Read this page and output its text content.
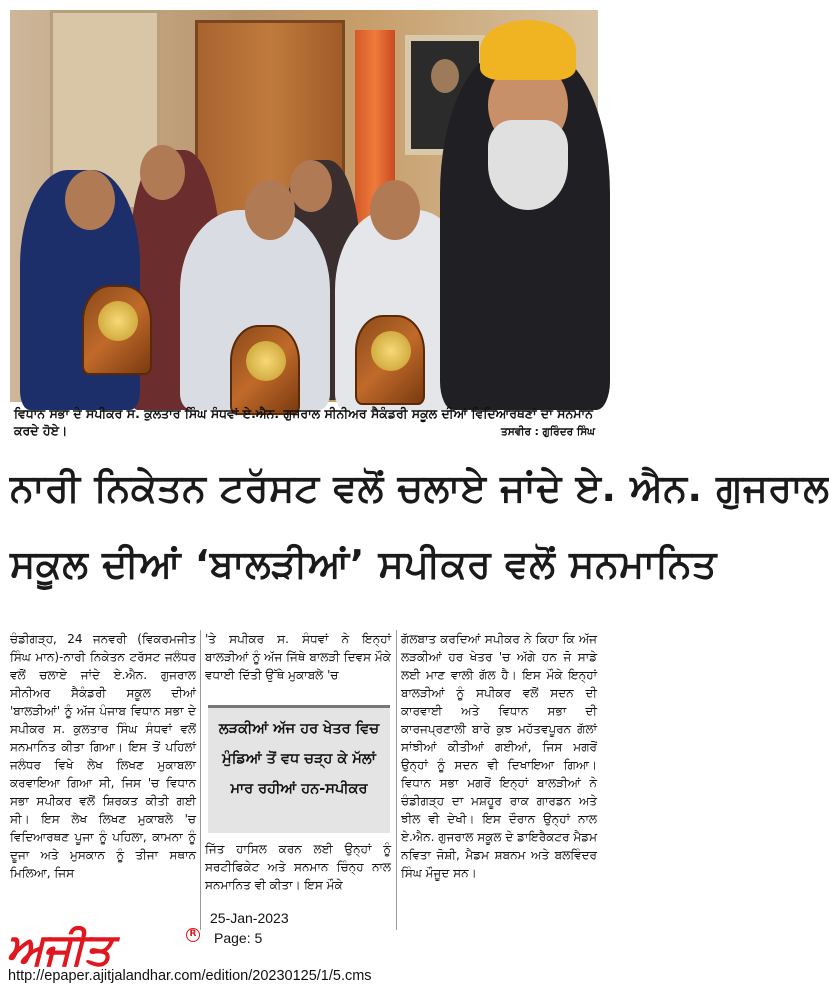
ਵਿਧਾਨ ਸਭਾ ਦੇ ਸਪੀਕਰ ਸ. ਕੁਲਤਾਰ ਸਿੰਘ ਸੰਧਵਾਂ ਏ.ਐਨ. ਗੁਜਰਾਲ ਸੀਨੀਅਰ ਸੈਕੰਡਰੀ ਸਕੂਲ ਦੀਆਂ ਵਿਦਿਆਰਥਣਾਂ ਦਾ ਸਨਮਾਨ ਕਰਦੇ ਹੋਏ।	ਤਸਵੀਰ : ਗੁਰਿੰਦਰ ਸਿੰਘ
ਨਾਰੀ ਨਿਕੇਤਨ ਟਰੱਸਟ ਵਲੋਂ ਚਲਾਏ ਜਾਂਦੇ ਏ. ਐਨ. ਗੁਜਰਾਲ
ਸਕੂਲ ਦੀਆਂ ‘ਬਾਲੜੀਆਂ’ ਸਪੀਕਰ ਵਲੋਂ ਸਨਮਾਨਿਤ
ਚੰਡੀਗੜ੍ਹ, 24 ਜਨਵਰੀ (ਵਿਕਰਮਜੀਤ ਸਿੰਘ ਮਾਨ)-ਨਾਰੀ ਨਿਕੇਤਨ ਟਰੱਸਟ ਜਲੰਧਰ ਵਲੋਂ ਚਲਾਏ ਜਾਂਦੇ ਏ.ਐਨ. ਗੁਜਰਾਲ ਸੀਨੀਅਰ ਸੈਕੰਡਰੀ ਸਕੂਲ ਦੀਆਂ 'ਬਾਲੜੀਆਂ' ਨੂੰ ਅੱਜ ਪੰਜਾਬ ਵਿਧਾਨ ਸਭਾ ਦੇ ਸਪੀਕਰ ਸ. ਕੁਲਤਾਰ ਸਿੰਘ ਸੰਧਵਾਂ ਵਲੋਂ ਸਨਮਾਨਿਤ ਕੀਤਾ ਗਿਆ। ਇਸ ਤੋਂ ਪਹਿਲਾਂ ਜਲੰਧਰ ਵਿਖੇ ਲੇਖ ਲਿਖਣ ਮੁਕਾਬਲਾ ਕਰਵਾਇਆ ਗਿਆ ਸੀ, ਜਿਸ 'ਚ ਵਿਧਾਨ ਸਭਾ ਸਪੀਕਰ ਵਲੋਂ ਸ਼ਿਰਕਤ ਕੀਤੀ ਗਈ ਸੀ। ਇਸ ਲੇਖ ਲਿਖਣ ਮੁਕਾਬਲੇ 'ਚ ਵਿਦਿਆਰਥਣ ਪੂਜਾ ਨੂੰ ਪਹਿਲਾ, ਕਾਮਨਾ ਨੂੰ ਦੂਜਾ ਅਤੇ ਮੁਸਕਾਨ ਨੂੰ ਤੀਜਾ ਸਥਾਨ ਮਿਲਿਆ, ਜਿਸ
'ਤੇ ਸਪੀਕਰ ਸ. ਸੰਧਵਾਂ ਨੇ ਇਨ੍ਹਾਂ ਬਾਲੜੀਆਂ ਨੂੰ ਅੱਜ ਜਿੱਥੇ ਬਾਲੜੀ ਦਿਵਸ ਮੌਕੇ ਵਧਾਈ ਦਿੱਤੀ ਉੱਥੇ ਮੁਕਾਬਲੇ 'ਚ
ਲੜਕੀਆਂ ਅੱਜ ਹਰ ਖੇਤਰ ਵਿਚ ਮੁੰਡਿਆਂ ਤੋਂ ਵਧ ਚੜ੍ਹ ਕੇ ਮੱਲਾਂ ਮਾਰ ਰਹੀਆਂ ਹਨ-ਸਪੀਕਰ
ਜਿੱਤ ਹਾਸਿਲ ਕਰਨ ਲਈ ਉਨ੍ਹਾਂ ਨੂੰ ਸਰਟੀਫਿਕੇਟ ਅਤੇ ਸਨਮਾਨ ਚਿੰਨ੍ਹ ਨਾਲ ਸਨਮਾਨਿਤ ਵੀ ਕੀਤਾ। ਇਸ ਮੌਕੇ
ਗੱਲਬਾਤ ਕਰਦਿਆਂ ਸਪੀਕਰ ਨੇ ਕਿਹਾ ਕਿ ਅੱਜ ਲੜਕੀਆਂ ਹਰ ਖੇਤਰ 'ਚ ਅੱਗੇ ਹਨ ਜੋ ਸਾਡੇ ਲਈ ਮਾਣ ਵਾਲੀ ਗੱਲ ਹੈ। ਇਸ ਮੌਕੇ ਇਨ੍ਹਾਂ ਬਾਲੜੀਆਂ ਨੂੰ ਸਪੀਕਰ ਵਲੋਂ ਸਦਨ ਦੀ ਕਾਰਵਾਈ ਅਤੇ ਵਿਧਾਨ ਸਭਾ ਦੀ ਕਾਰਜਪ੍ਰਣਾਲੀ ਬਾਰੇ ਕੁਝ ਮਹੱਤਵਪੂਰਨ ਗੱਲਾਂ ਸਾਂਝੀਆਂ ਕੀਤੀਆਂ ਗਈਆਂ, ਜਿਸ ਮਗਰੋਂ ਉਨ੍ਹਾਂ ਨੂੰ ਸਦਨ ਵੀ ਦਿਖਾਇਆ ਗਿਆ। ਵਿਧਾਨ ਸਭਾ ਮਗਰੋਂ ਇਨ੍ਹਾਂ ਬਾਲੜੀਆਂ ਨੇ ਚੰਡੀਗੜ੍ਹ ਦਾ ਮਸ਼ਹੂਰ ਰਾਕ ਗਾਰਡਨ ਅਤੇ ਝੀਲ ਵੀ ਦੇਖੀ। ਇਸ ਦੌਰਾਨ ਉਨ੍ਹਾਂ ਨਾਲ ਏ.ਐਨ. ਗੁਜਰਾਲ ਸਕੂਲ ਦੇ ਡਾਇਰੈਕਟਰ ਮੈਡਮ ਨਵਿਤਾ ਜੋਸ਼ੀ, ਮੈਡਮ ਸ਼ਬਨਮ ਅਤੇ ਬਲਵਿੰਦਰ ਸਿੰਘ ਮੌਜੂਦ ਸਨ।
ਅਜੀਤ	R
25-Jan-2023
Page: 5
http://epaper.ajitjalandhar.com/edition/20230125/1/5.cms
